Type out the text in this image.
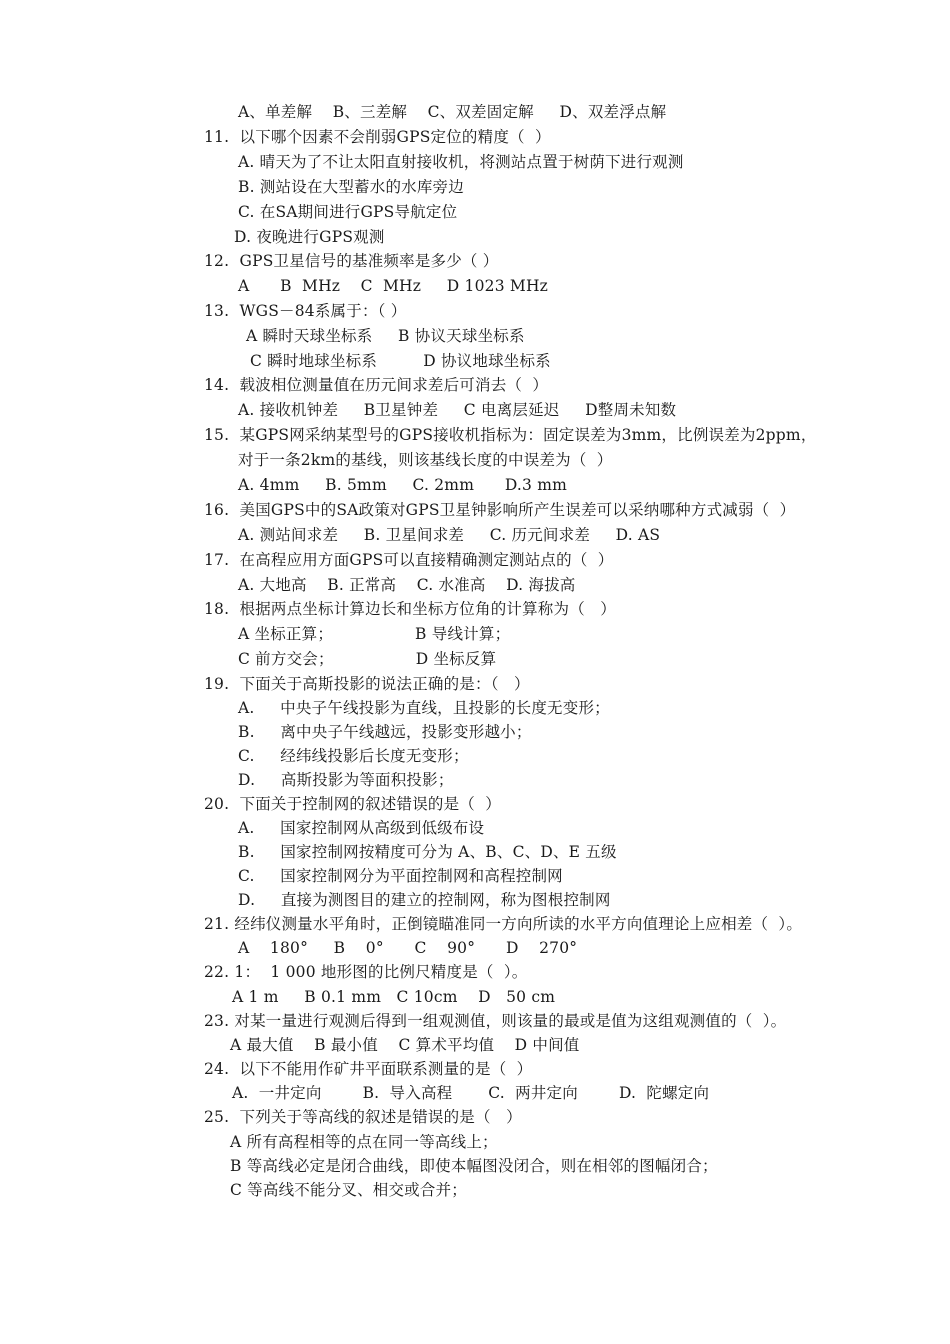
A、单差解    B、三差解    C、双差固定解     D、双差浮点解
11.  以下哪个因素不会削弱GPS定位的精度（  ）
A. 晴天为了不让太阳直射接收机，将测站点置于树荫下进行观测
B. 测站设在大型蓄水的水库旁边
C. 在SA期间进行GPS导航定位
D. 夜晚进行GPS观测
12.  GPS卫星信号的基准频率是多少（ ）
A      B  MHz    C  MHz     D 1023 MHz
13.  WGS－84系属于：（ ）
A 瞬时天球坐标系     B 协议天球坐标系
C 瞬时地球坐标系         D 协议地球坐标系
14.  载波相位测量值在历元间求差后可消去（  ）
A. 接收机钟差     B卫星钟差     C 电离层延迟     D整周未知数
15.  某GPS网采纳某型号的GPS接收机指标为：固定误差为3mm，比例误差为2ppm，
对于一条2km的基线，则该基线长度的中误差为（  ）
A. 4mm     B. 5mm     C. 2mm      D.3 mm
16.  美国GPS中的SA政策对GPS卫星钟影响所产生误差可以采纳哪种方式减弱（  ）
A. 测站间求差     B. 卫星间求差     C. 历元间求差     D. AS
17.  在高程应用方面GPS可以直接精确测定测站点的（  ）
A. 大地高    B. 正常高    C. 水准高    D. 海拔高
18.  根据两点坐标计算边长和坐标方位角的计算称为（   ）
A 坐标正算；                B 导线计算；
C 前方交会；                D 坐标反算
19.  下面关于高斯投影的说法正确的是：（   ）
A.     中央子午线投影为直线，且投影的长度无变形；
B.     离中央子午线越远，投影变形越小；
C.     经纬线投影后长度无变形；
D.     高斯投影为等面积投影；
20.  下面关于控制网的叙述错误的是（  ）
A.     国家控制网从高级到低级布设
B.     国家控制网按精度可分为 A、B、C、D、E 五级
C.     国家控制网分为平面控制网和高程控制网
D.     直接为测图目的建立的控制网，称为图根控制网
21. 经纬仪测量水平角时，正倒镜瞄准同一方向所读的水平方向值理论上应相差（  ）。
A    180°     B    0°      C    90°      D    270°
22. 1：  1 000 地形图的比例尺精度是（  ）。
A 1 m     B 0.1 mm   C 10cm    D   50 cm
23. 对某一量进行观测后得到一组观测值，则该量的最或是值为这组观测值的（  ）。
A 最大值    B 最小值    C 算术平均值    D 中间值
24.  以下不能用作矿井平面联系测量的是（  ）
A.  一井定向        B.  导入高程       C.  两井定向        D.  陀螺定向
25.  下列关于等高线的叙述是错误的是（   ）
A 所有高程相等的点在同一等高线上；
B 等高线必定是闭合曲线，即使本幅图没闭合，则在相邻的图幅闭合；
C 等高线不能分叉、相交或合并；
